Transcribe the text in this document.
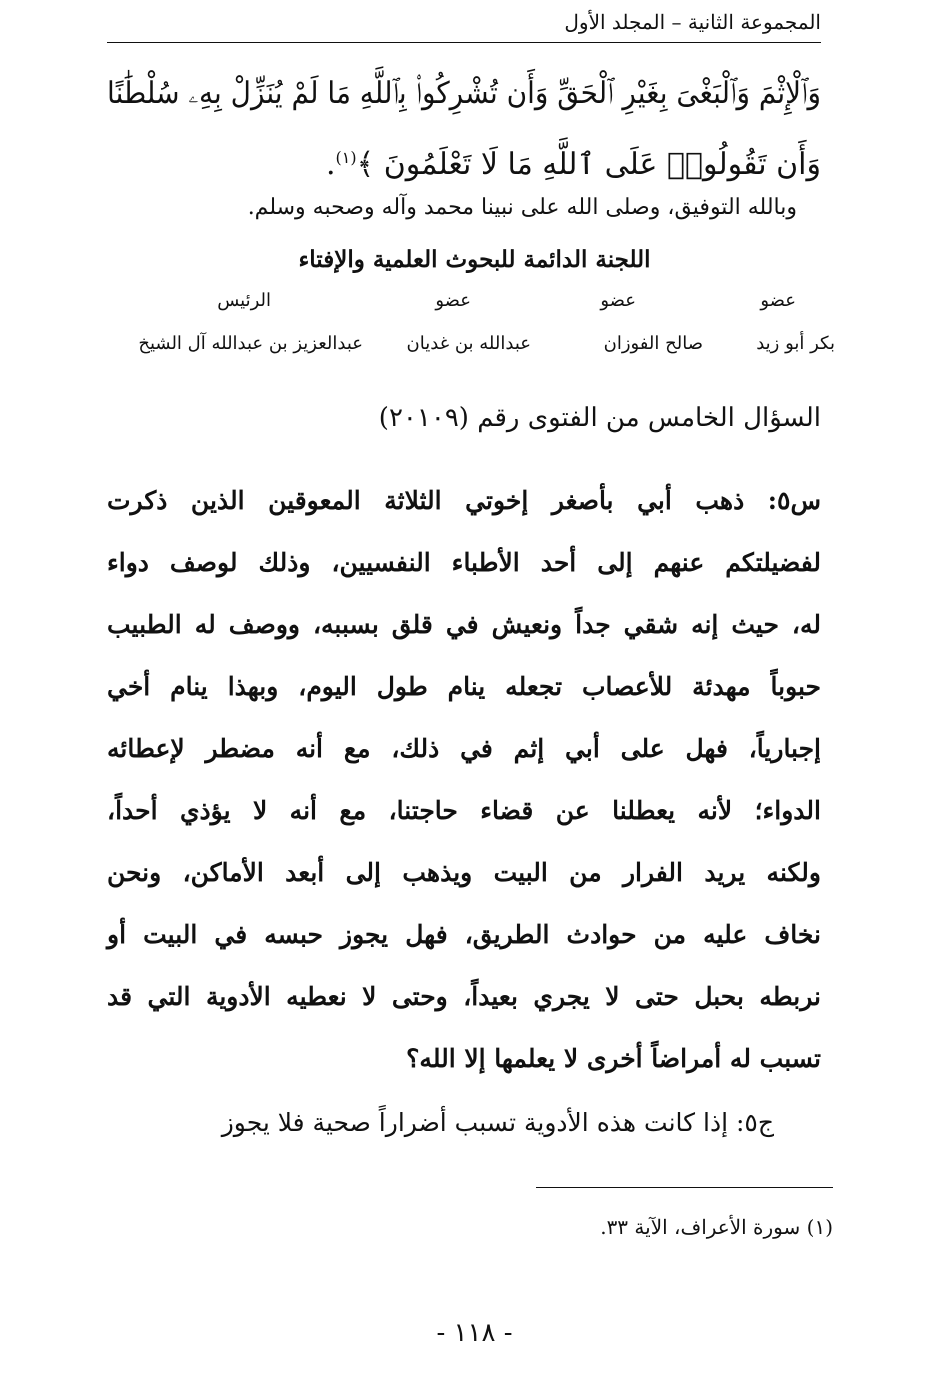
المجموعة الثانية – المجلد الأول

وَٱلْإِثْمَ وَٱلْبَغْىَ بِغَيْرِ ٱلْحَقِّ وَأَن تُشْرِكُوا۟ بِٱللَّهِ مَا لَمْ يُنَزِّلْ بِهِۦ سُلْطَٰنًا

وَأَن تَقُولُوا۟ عَلَى ٱللَّهِ مَا لَا تَعْلَمُونَ ﴾$^{(١)}$.

وبالله التوفيق، وصلى الله على نبينا محمد وآله وصحبه وسلم.
اللجنة الدائمة للبحوث العلمية والإفتاء
عضو
عضو
عضو
الرئيس
بكر أبو زيد
صالح الفوزان
عبدالله بن غديان
عبدالعزيز بن عبدالله آل الشيخ
السؤال الخامس من الفتوى رقم (٢٠١٠٩)

س٥: ذهب أبي بأصغر إخوتي الثلاثة المعوقين الذين ذكرت

لفضيلتكم عنهم إلى أحد الأطباء النفسيين، وذلك لوصف دواء

له، حيث إنه شقي جداً ونعيش في قلق بسببه، ووصف له الطبيب

حبوباً مهدئة للأعصاب تجعله ينام طول اليوم، وبهذا ينام أخي

إجبارياً، فهل على أبي إثم في ذلك، مع أنه مضطر لإعطائه

الدواء؛ لأنه يعطلنا عن قضاء حاجتنا، مع أنه لا يؤذي أحداً،

ولكنه يريد الفرار من البيت ويذهب إلى أبعد الأماكن، ونحن

نخاف عليه من حوادث الطريق، فهل يجوز حبسه في البيت أو

نربطه بحبل حتى لا يجري بعيداً، وحتى لا نعطيه الأدوية التي قد

تسبب له أمراضاً أخرى لا يعلمها إلا الله؟

ج٥: إذا كانت هذه الأدوية تسبب أضراراً صحية فلا يجوز
(١) سورة الأعراف، الآية ٣٣.
- ١١٨ -
